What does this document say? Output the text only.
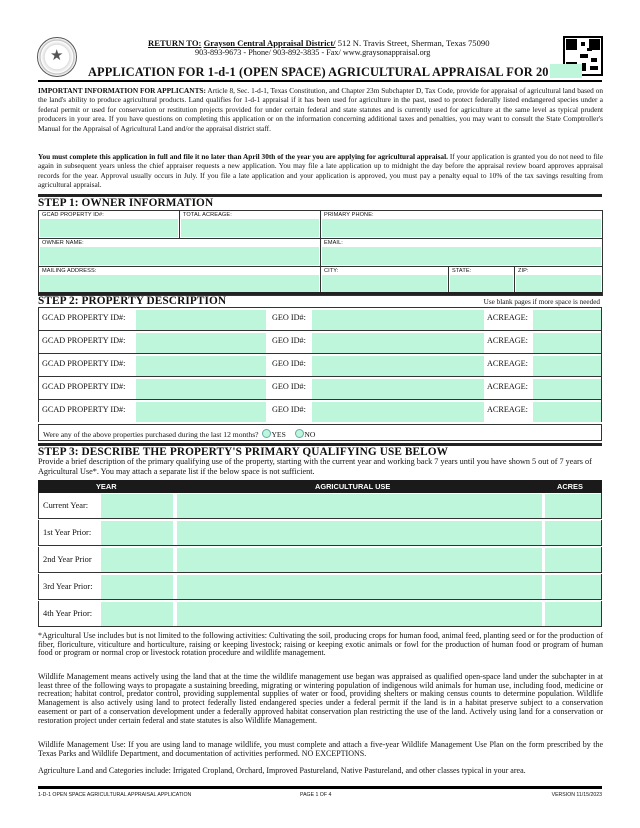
★
RETURN TO: Grayson Central Appraisal District/ 512 N. Travis Street, Sherman, Texas 75090
903-893-9673 - Phone/ 903-892-3835 - Fax/ www.graysonappraisal.org
APPLICATION FOR 1-d-1 (OPEN SPACE) AGRICULTURAL APPRAISAL FOR 20
IMPORTANT INFORMATION FOR APPLICANTS: Article 8, Sec. 1-d-1, Texas Constitution, and Chapter 23m Subchapter D, Tax Code, provide for appraisal of agricultural land based on the land's ability to produce agricultural products. Land qualifies for 1-d-1 appraisal if it has been used for agriculture in the past, used to protect federally listed endangered species under a federal permit or used for conservation or restitution projects provided for under certain federal and state statutes and is currently used for agriculture at the same level as typical prudent producers in your area. If you have questions on completing this application or on the information concerning additional taxes and penalties, you may want to consult the State Comptroller's Manual for the Appraisal of Agricultural Land and/or the appraisal district staff.
You must complete this application in full and file it no later than April 30th of the year you are applying for agricultural appraisal. If your application is granted you do not need to file again in subsequent years unless the chief appraiser requests a new application. You may file a late application up to midnight the day before the appraisal review board approves appraisal records for the year. Approval usually occurs in July. If you file a late application and your application is approved, you must pay a penalty equal to 10% of the tax savings resulting from agricultural appraisal.
STEP 1: OWNER INFORMATION
GCAD PROPERTY ID#:	TOTAL ACREAGE:	PRIMARY PHONE:
OWNER NAME:	EMAIL:
MAILING ADDRESS:	CITY:	STATE:	ZIP:
STEP 2: PROPERTY DESCRIPTION	Use blank pages if more space is needed
GCAD PROPERTY ID#:	GEO ID#:	ACREAGE:
GCAD PROPERTY ID#:	GEO ID#:	ACREAGE:
GCAD PROPERTY ID#:	GEO ID#:	ACREAGE:
GCAD PROPERTY ID#:	GEO ID#:	ACREAGE:
GCAD PROPERTY ID#:	GEO ID#:	ACREAGE:
Were any of the above properties purchased during the last 12 months? YES NO
STEP 3: DESCRIBE THE PROPERTY'S PRIMARY QUALIFYING USE BELOW
Provide a brief description of the primary qualifying use of the property, starting with the current year and working back 7 years until you have shown 5 out of 7 years of Agricultural Use*. You may attach a separate list if the below space is not sufficient.
YEAR	AGRICULTURAL USE	ACRES
Current Year:
1st Year Prior:
2nd Year Prior
3rd Year Prior:
4th Year Prior:
*Agricultural Use includes but is not limited to the following activities: Cultivating the soil, producing crops for human food, animal feed, planting seed or for the production of fiber, floriculture, viticulture and horticulture, raising or keeping livestock; raising or keeping exotic animals or fowl for the production of human food or program of human food or program or normal crop or livestock rotation procedure and wildlife management.
Wildlife Management means actively using the land that at the time the wildlife management use began was appraised as qualified open-space land under the subchapter in at least three of the following ways to propagate a sustaining breeding, migrating or wintering population of indigenous wild animals for human use, including food, medicine or recreation; habitat control, predator control, providing supplemental supplies of water or food, providing shelters or making census counts to determine population. Wildlife Management is also actively using land to protect federally listed endangered species under a federal permit if the land is in a habitat preserve subject to a conservation easement or part of a conservation development under a federally approved habitat conservation plan restricting the use of the land. Actively using land for a conservation or restoration project under certain federal and state statutes is also Wildlife Management.
Wildlife Management Use: If you are using land to manage wildlife, you must complete and attach a five-year Wildlife Management Use Plan on the form prescribed by the Texas Parks and Wildlife Department, and documentation of activities performed. NO EXCEPTIONS.
Agriculture Land and Categories include: Irrigated Cropland, Orchard, Improved Pastureland, Native Pastureland, and other classes typical in your area.
1-D-1 OPEN SPACE AGRICULTURAL APPRAISAL APPLICATION	PAGE 1 OF 4	VERSION 11/15/2023
